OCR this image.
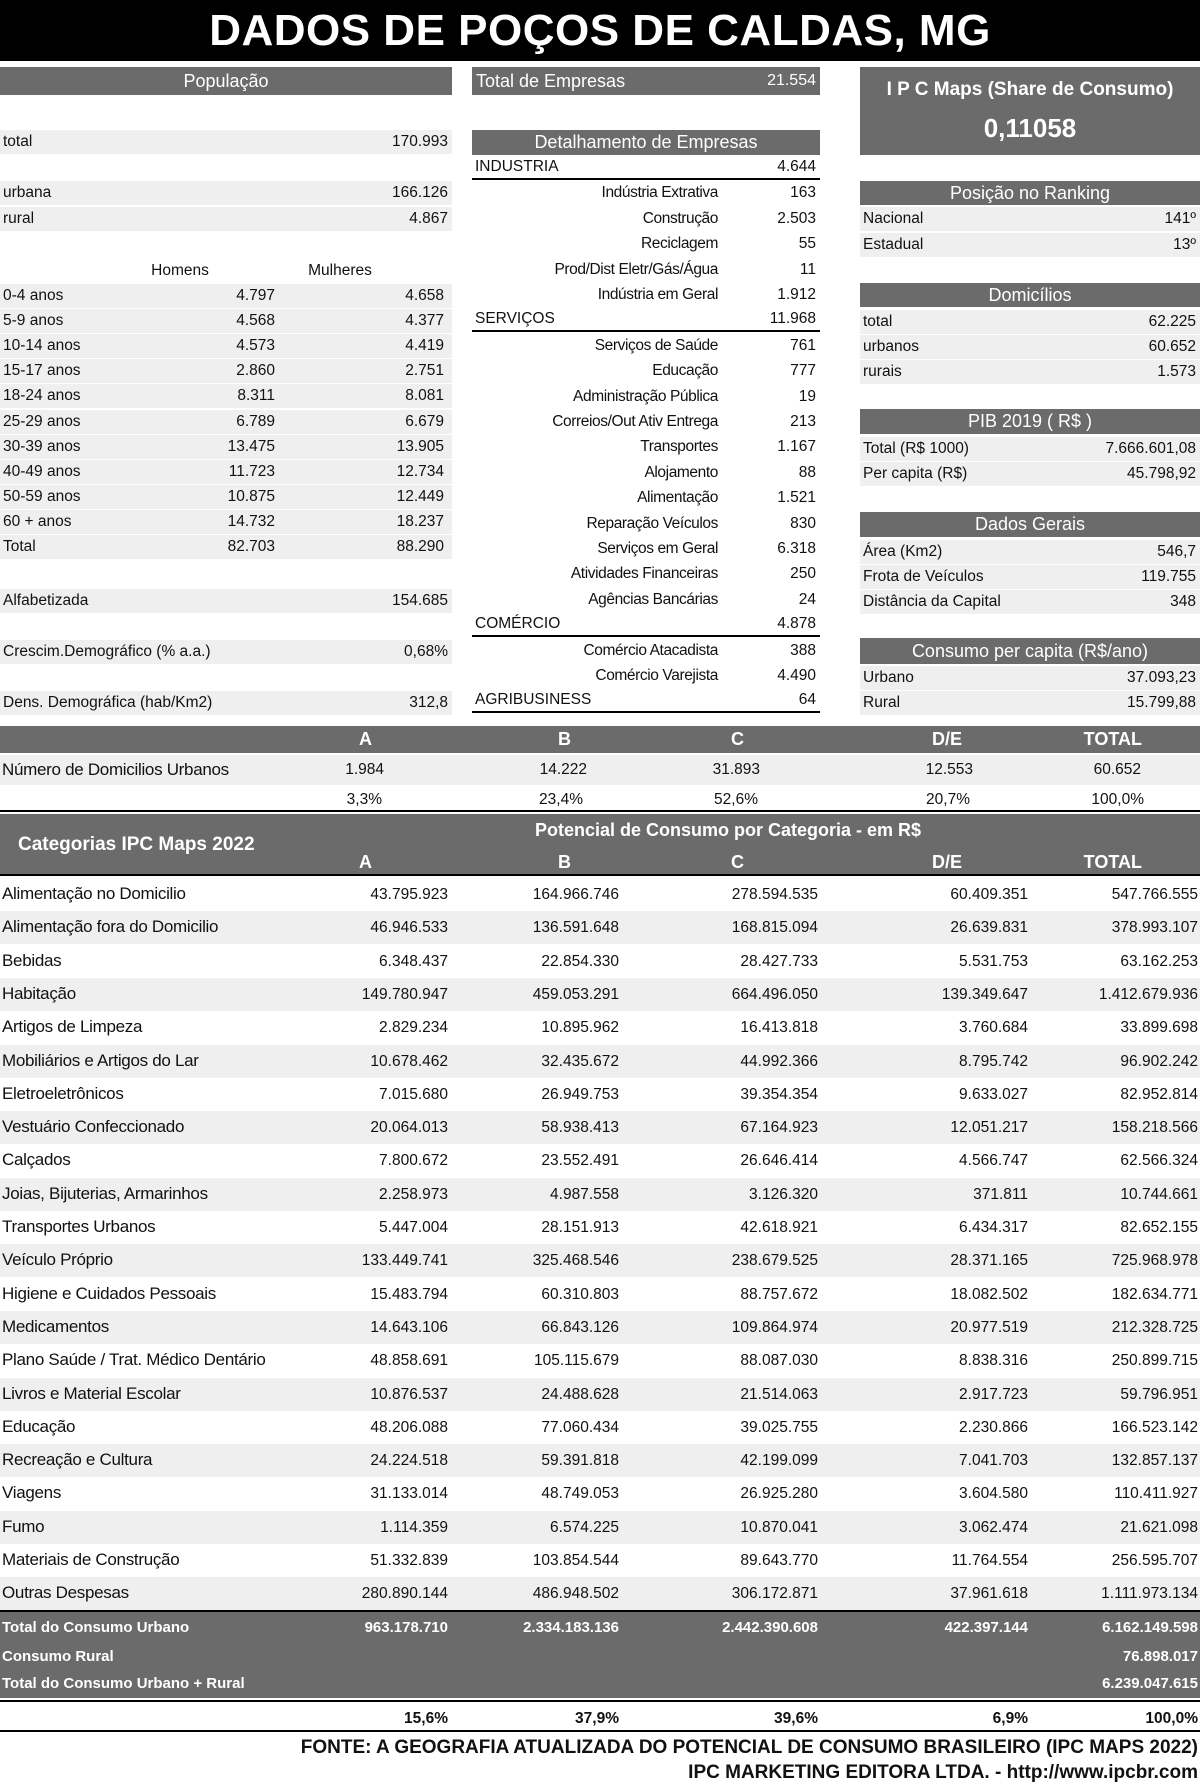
DADOS DE POÇOS DE CALDAS, MG
População
total	170.993
urbana	166.126
rural	4.867
Homens	Mulheres
0-4 anos	4.797	4.658
5-9 anos	4.568	4.377
10-14 anos	4.573	4.419
15-17 anos	2.860	2.751
18-24 anos	8.311	8.081
25-29 anos	6.789	6.679
30-39 anos	13.475	13.905
40-49 anos	11.723	12.734
50-59 anos	10.875	12.449
60 + anos	14.732	18.237
Total	82.703	88.290
Alfabetizada	154.685
Crescim.Demográfico (% a.a.)	0,68%
Dens. Demográfica (hab/Km2)	312,8
Total de Empresas	21.554
Detalhamento de Empresas
INDUSTRIA	4.644
Indústria Extrativa	163
Construção	2.503
Reciclagem	55
Prod/Dist Eletr/Gás/Água	11
Indústria em Geral	1.912
SERVIÇOS	11.968
Serviços de Saúde	761
Educação	777
Administração Pública	19
Correios/Out Ativ Entrega	213
Transportes	1.167
Alojamento	88
Alimentação	1.521
Reparação Veículos	830
Serviços em Geral	6.318
Atividades Financeiras	250
Agências Bancárias	24
COMÉRCIO	4.878
Comércio Atacadista	388
Comércio Varejista	4.490
AGRIBUSINESS	64
I P C Maps (Share de Consumo)
0,11058
Posição no Ranking
Nacional	141º
Estadual	13º
Domicílios
total	62.225
urbanos	60.652
rurais	1.573
PIB 2019 ( R$ )
Total (R$ 1000)	7.666.601,08
Per capita (R$)	45.798,92
Dados Gerais
Área (Km2)	546,7
Frota de Veículos	119.755
Distância da Capital	348
Consumo per capita (R$/ano)
Urbano	37.093,23
Rural	15.799,88
A	B	C	D/E	TOTAL
Número de Domicilios Urbanos	1.984	14.222	31.893	12.553	60.652
3,3%	23,4%	52,6%	20,7%	100,0%
Categorias IPC Maps 2022
Potencial de Consumo por Categoria - em R$
A	B	C	D/E	TOTAL
Alimentação no Domicilio	43.795.923	164.966.746	278.594.535	60.409.351	547.766.555
Alimentação fora do Domicilio	46.946.533	136.591.648	168.815.094	26.639.831	378.993.107
Bebidas	6.348.437	22.854.330	28.427.733	5.531.753	63.162.253
Habitação	149.780.947	459.053.291	664.496.050	139.349.647	1.412.679.936
Artigos de Limpeza	2.829.234	10.895.962	16.413.818	3.760.684	33.899.698
Mobiliários e Artigos do Lar	10.678.462	32.435.672	44.992.366	8.795.742	96.902.242
Eletroeletrônicos	7.015.680	26.949.753	39.354.354	9.633.027	82.952.814
Vestuário Confeccionado	20.064.013	58.938.413	67.164.923	12.051.217	158.218.566
Calçados	7.800.672	23.552.491	26.646.414	4.566.747	62.566.324
Joias, Bijuterias, Armarinhos	2.258.973	4.987.558	3.126.320	371.811	10.744.661
Transportes Urbanos	5.447.004	28.151.913	42.618.921	6.434.317	82.652.155
Veículo Próprio	133.449.741	325.468.546	238.679.525	28.371.165	725.968.978
Higiene e Cuidados Pessoais	15.483.794	60.310.803	88.757.672	18.082.502	182.634.771
Medicamentos	14.643.106	66.843.126	109.864.974	20.977.519	212.328.725
Plano Saúde / Trat. Médico Dentário	48.858.691	105.115.679	88.087.030	8.838.316	250.899.715
Livros e Material Escolar	10.876.537	24.488.628	21.514.063	2.917.723	59.796.951
Educação	48.206.088	77.060.434	39.025.755	2.230.866	166.523.142
Recreação e Cultura	24.224.518	59.391.818	42.199.099	7.041.703	132.857.137
Viagens	31.133.014	48.749.053	26.925.280	3.604.580	110.411.927
Fumo	1.114.359	6.574.225	10.870.041	3.062.474	21.621.098
Materiais de Construção	51.332.839	103.854.544	89.643.770	11.764.554	256.595.707
Outras Despesas	280.890.144	486.948.502	306.172.871	37.961.618	1.111.973.134
Total do Consumo Urbano	963.178.710	2.334.183.136	2.442.390.608	422.397.144	6.162.149.598
Consumo Rural	76.898.017
Total do Consumo Urbano + Rural	6.239.047.615
15,6%	37,9%	39,6%	6,9%	100,0%
FONTE: A GEOGRAFIA ATUALIZADA DO POTENCIAL DE CONSUMO BRASILEIRO (IPC MAPS 2022)
IPC MARKETING EDITORA LTDA. - http://www.ipcbr.com
